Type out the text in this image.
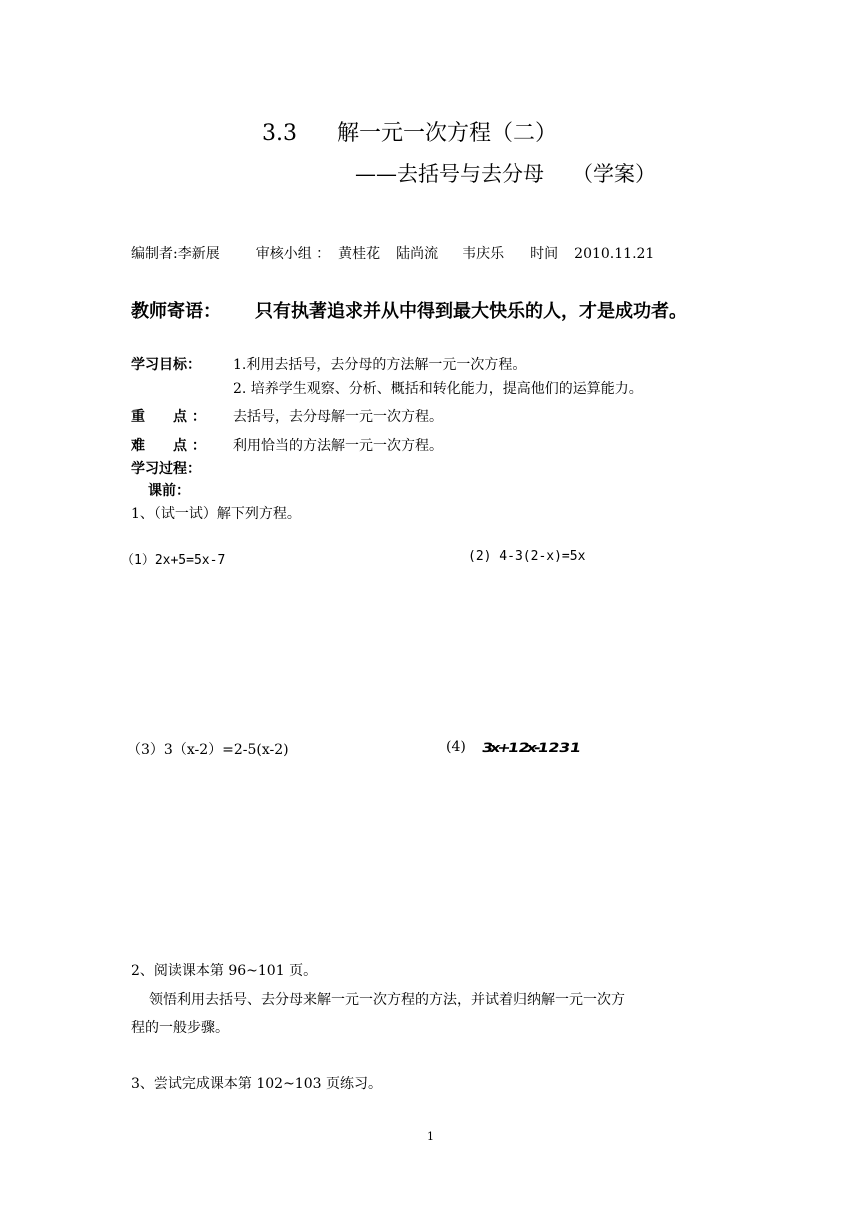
3.3 解一元一次方程（二）
——去括号与去分母 （学案）
编制者:李新展	审核小组 ： 黄桂花 陆尚流 韦庆乐 时间 2010.11.21
教师寄语： 只有执著追求并从中得到最大快乐的人，才是成功者。
学习目标： 1.利用去括号，去分母的方法解一元一次方程。
2. 培养学生观察、分析、概括和转化能力，提高他们的运算能力。
重　　点 ： 去括号，去分母解一元一次方程。
难　　点 ： 利用恰当的方法解一元一次方程。
学习过程：
课前：
1、（试一试）解下列方程。
（1）2x+5=5x-7	(2) 4-3(2-x)=5x
（3）3（x-2）=2-5(x-2)	(4) 3x+1 2x-1 2 3 1
2、阅读课本第 96~101 页。
领悟利用去括号、去分母来解一元一次方程的方法，并试着归纳解一元一次方
程的一般步骤。
3、尝试完成课本第 102~103 页练习。
1
